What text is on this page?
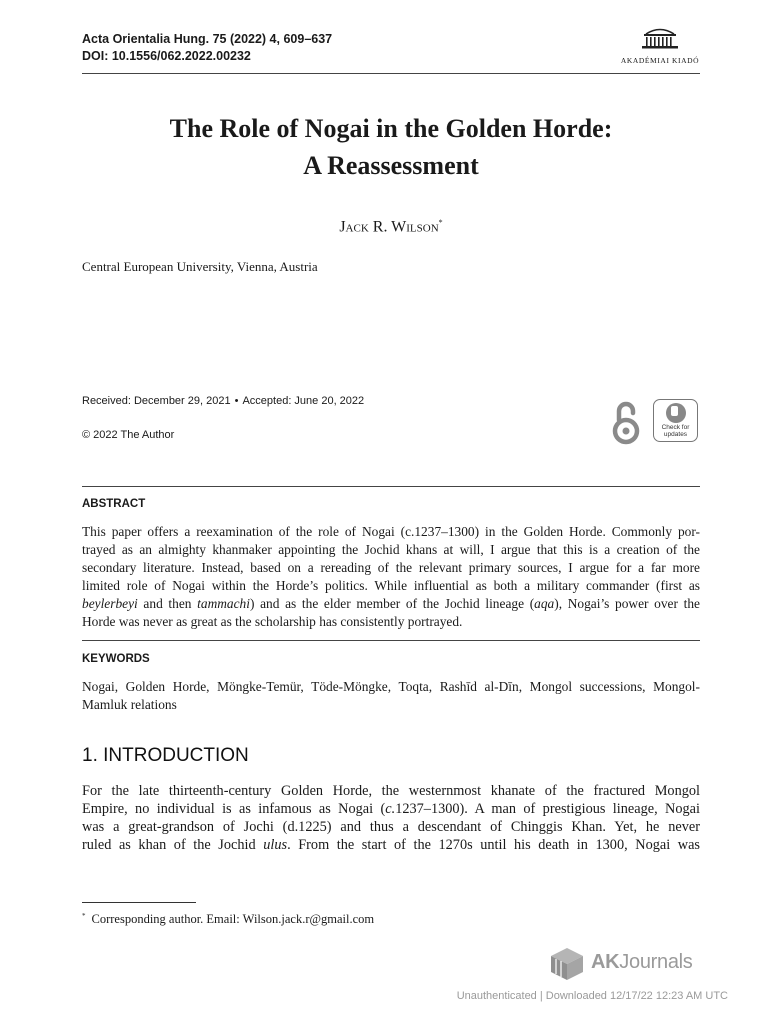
Acta Orientalia Hung. 75 (2022) 4, 609–637
DOI: 10.1556/062.2022.00232	AKADÉMIAI KIADÓ
The Role of Nogai in the Golden Horde:
A Reassessment
Jack R. Wilson*
Central European University, Vienna, Austria
Received: December 29, 2021 • Accepted: June 20, 2022
© 2022 The Author
Check for
updates
ABSTRACT
This paper offers a reexamination of the role of Nogai (c.1237–1300) in the Golden Horde. Commonly por-
trayed as an almighty khanmaker appointing the Jochid khans at will, I argue that this is a creation of the
secondary literature. Instead, based on a rereading of the relevant primary sources, I argue for a far more
limited role of Nogai within the Horde’s politics. While influential as both a military commander (first as
beylerbeyi and then tammachi) and as the elder member of the Jochid lineage (aqa), Nogai’s power over the
Horde was never as great as the scholarship has consistently portrayed.
KEYWORDS
Nogai, Golden Horde, Möngke-Temür, Töde-Möngke, Toqta, Rashīd al-Dīn, Mongol successions, Mongol-
Mamluk relations
1. INTRODUCTION
For the late thirteenth-century Golden Horde, the westernmost khanate of the fractured Mongol
Empire, no individual is as infamous as Nogai (c.1237–1300). A man of prestigious lineage, Nogai
was a great-grandson of Jochi (d.1225) and thus a descendant of Chinggis Khan. Yet, he never
ruled as khan of the Jochid ulus. From the start of the 1270s until his death in 1300, Nogai was
* Corresponding author. Email: Wilson.jack.r@gmail.com
AKJournals
Unauthenticated | Downloaded 12/17/22 12:23 AM UTC
